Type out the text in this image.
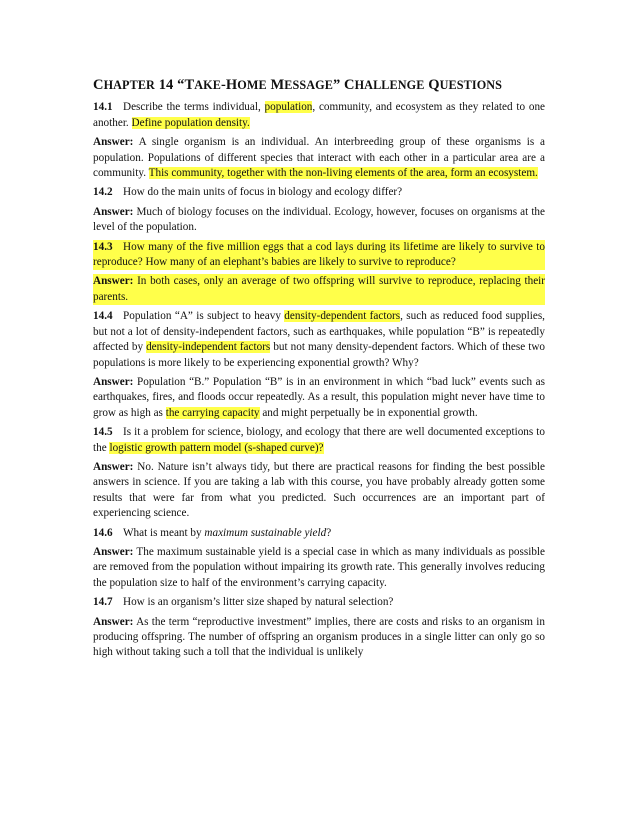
CHAPTER 14 “TAKE-HOME MESSAGE” CHALLENGE QUESTIONS

14.1 Describe the terms individual, population, community, and ecosystem as they related to one another. Define population density.

Answer: A single organism is an individual. An interbreeding group of these organisms is a population. Populations of different species that interact with each other in a particular area are a community. This community, together with the non-living elements of the area, form an ecosystem.

14.2 How do the main units of focus in biology and ecology differ?

Answer: Much of biology focuses on the individual. Ecology, however, focuses on organisms at the level of the population.

14.3 How many of the five million eggs that a cod lays during its lifetime are likely to survive to reproduce? How many of an elephant’s babies are likely to survive to reproduce?

Answer: In both cases, only an average of two offspring will survive to reproduce, replacing their parents.

14.4 Population “A” is subject to heavy density-dependent factors, such as reduced food supplies, but not a lot of density-independent factors, such as earthquakes, while population “B” is repeatedly affected by density-independent factors but not many density-dependent factors. Which of these two populations is more likely to be experiencing exponential growth? Why?

Answer: Population “B.” Population “B” is in an environment in which “bad luck” events such as earthquakes, fires, and floods occur repeatedly. As a result, this population might never have time to grow as high as the carrying capacity and might perpetually be in exponential growth.

14.5 Is it a problem for science, biology, and ecology that there are well documented exceptions to the logistic growth pattern model (s-shaped curve)?

Answer: No. Nature isn’t always tidy, but there are practical reasons for finding the best possible answers in science. If you are taking a lab with this course, you have probably already gotten some results that were far from what you predicted. Such occurrences are an important part of experiencing science.

14.6 What is meant by maximum sustainable yield?

Answer: The maximum sustainable yield is a special case in which as many individuals as possible are removed from the population without impairing its growth rate. This generally involves reducing the population size to half of the environment’s carrying capacity.

14.7 How is an organism’s litter size shaped by natural selection?

Answer: As the term “reproductive investment” implies, there are costs and risks to an organism in producing offspring. The number of offspring an organism produces in a single litter can only go so high without taking such a toll that the individual is unlikely
